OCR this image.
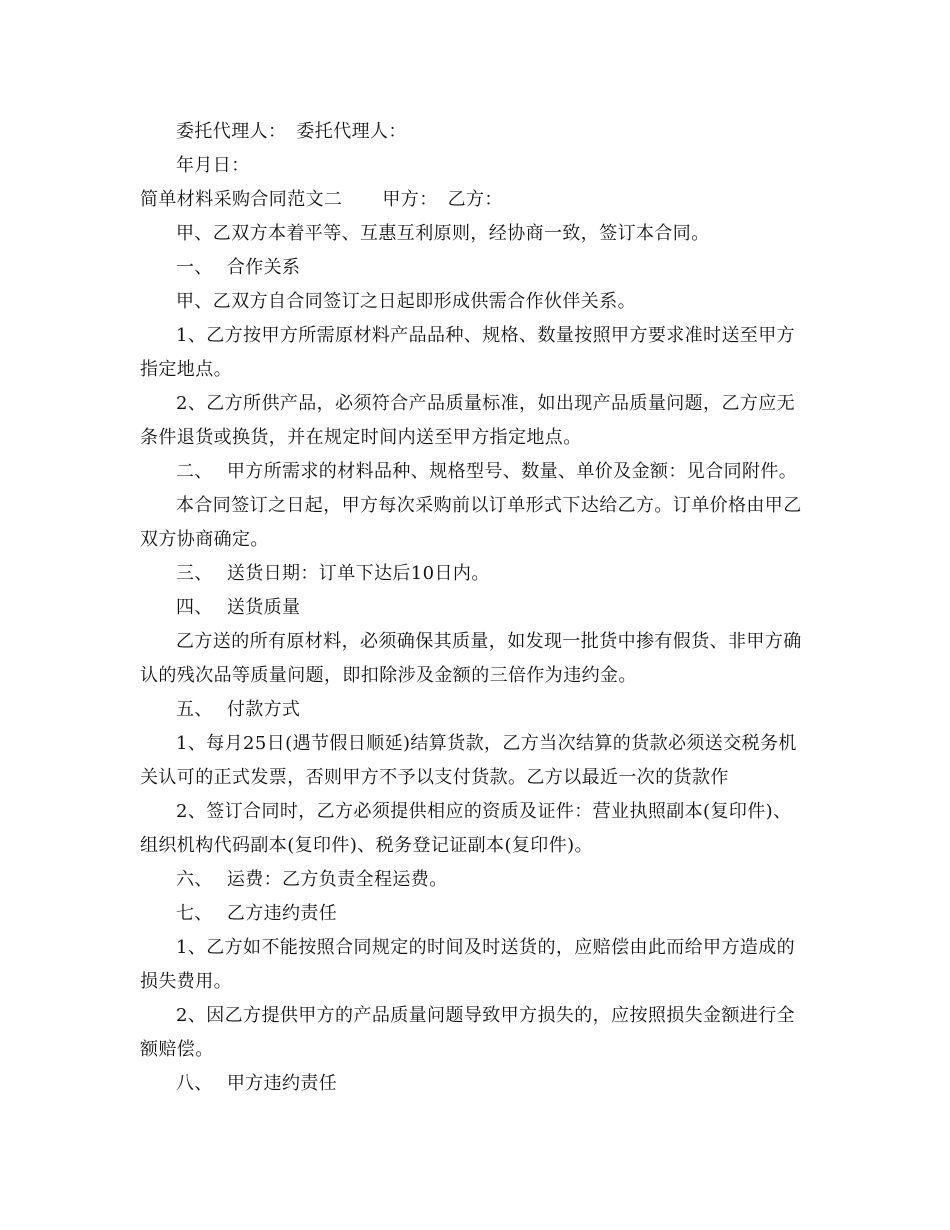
委托代理人： 委托代理人：
年月日：
简单材料采购合同范文二 甲方： 乙方：
甲、乙双方本着平等、互惠互利原则，经协商一致，签订本合同。
一、 合作关系
甲、乙双方自合同签订之日起即形成供需合作伙伴关系。
1、乙方按甲方所需原材料产品品种、规格、数量按照甲方要求准时送至甲方
指定地点。
2、乙方所供产品，必须符合产品质量标准，如出现产品质量问题，乙方应无
条件退货或换货，并在规定时间内送至甲方指定地点。
二、 甲方所需求的材料品种、规格型号、数量、单价及金额：见合同附件。
本合同签订之日起，甲方每次采购前以订单形式下达给乙方。订单价格由甲乙
双方协商确定。
三、 送货日期：订单下达后10日内。
四、 送货质量
乙方送的所有原材料，必须确保其质量，如发现一批货中掺有假货、非甲方确
认的残次品等质量问题，即扣除涉及金额的三倍作为违约金。
五、 付款方式
1、每月25日(遇节假日顺延)结算货款，乙方当次结算的货款必须送交税务机
关认可的正式发票，否则甲方不予以支付货款。乙方以最近一次的货款作
2、签订合同时，乙方必须提供相应的资质及证件：营业执照副本(复印件)、
组织机构代码副本(复印件)、税务登记证副本(复印件)。
六、 运费：乙方负责全程运费。
七、 乙方违约责任
1、乙方如不能按照合同规定的时间及时送货的，应赔偿由此而给甲方造成的
损失费用。
2、因乙方提供甲方的产品质量问题导致甲方损失的，应按照损失金额进行全
额赔偿。
八、 甲方违约责任
